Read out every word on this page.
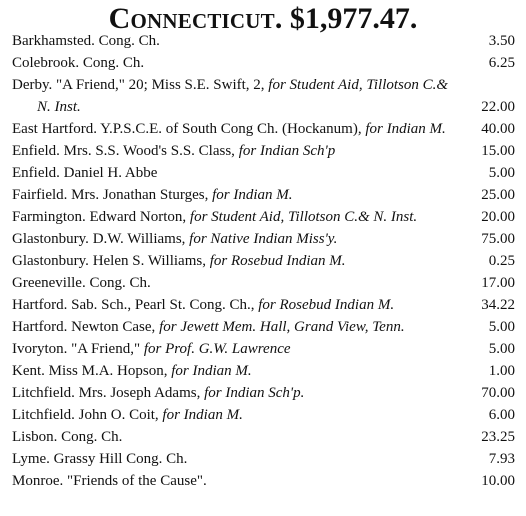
Connecticut. $1,977.47.
Barkhamsted. Cong. Ch.	3.50
Colebrook. Cong. Ch.	6.25
Derby. "A Friend," 20; Miss S.E. Swift, 2, for Student Aid, Tillotson C.& N. Inst.	22.00
East Hartford. Y.P.S.C.E. of South Cong Ch. (Hockanum), for Indian M.	40.00
Enfield. Mrs. S.S. Wood's S.S. Class, for Indian Sch'p	15.00
Enfield. Daniel H. Abbe	5.00
Fairfield. Mrs. Jonathan Sturges, for Indian M.	25.00
Farmington. Edward Norton, for Student Aid, Tillotson C.& N. Inst.	20.00
Glastonbury. D.W. Williams, for Native Indian Miss'y.	75.00
Glastonbury. Helen S. Williams, for Rosebud Indian M.	0.25
Greeneville. Cong. Ch.	17.00
Hartford. Sab. Sch., Pearl St. Cong. Ch., for Rosebud Indian M.	34.22
Hartford. Newton Case, for Jewett Mem. Hall, Grand View, Tenn.	5.00
Ivoryton. "A Friend," for Prof. G.W. Lawrence	5.00
Kent. Miss M.A. Hopson, for Indian M.	1.00
Litchfield. Mrs. Joseph Adams, for Indian Sch'p.	70.00
Litchfield. John O. Coit, for Indian M.	6.00
Lisbon. Cong. Ch.	23.25
Lyme. Grassy Hill Cong. Ch.	7.93
Monroe. "Friends of the Cause".	10.00
